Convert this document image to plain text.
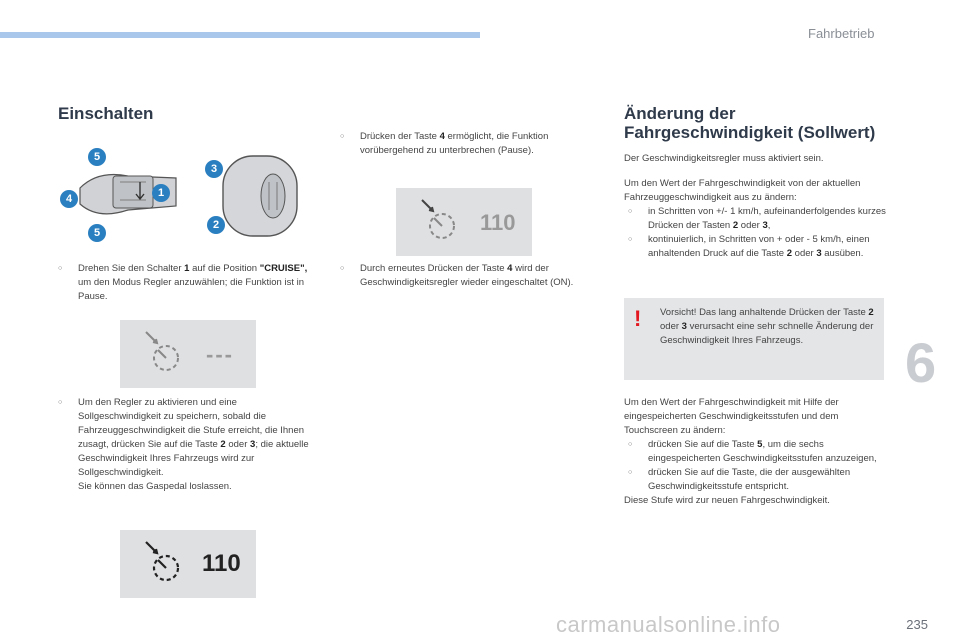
Fahrbetrieb
6
235
Einschalten
5
4
5
1
3
2
○ Drehen Sie den Schalter 1 auf die Position "CRUISE", um den Modus Regler anzuwählen; die Funktion ist in Pause.
---
○ Um den Regler zu aktivieren und eine Sollgeschwindigkeit zu speichern, sobald die Fahrzeuggeschwindigkeit die Stufe erreicht, die Ihnen zusagt, drücken Sie auf die Taste 2 oder 3; die aktuelle Geschwindigkeit Ihres Fahrzeugs wird zur Sollgeschwindigkeit.
Sie können das Gaspedal loslassen.
110
○ Drücken der Taste 4 ermöglicht, die Funktion vorübergehend zu unterbrechen (Pause).
110
○ Durch erneutes Drücken der Taste 4 wird der Geschwindigkeitsregler wieder eingeschaltet (ON).
Änderung der
Fahrgeschwindigkeit (Sollwert)
Der Geschwindigkeitsregler muss aktiviert sein.
Um den Wert der Fahrgeschwindigkeit von der aktuellen Fahrzeuggeschwindigkeit aus zu ändern:
○ in Schritten von +/- 1 km/h, aufeinanderfolgendes kurzes Drücken der Tasten 2 oder 3,
○ kontinuierlich, in Schritten von + oder - 5 km/h, einen anhaltenden Druck auf die Taste 2 oder 3 ausüben.
! Vorsicht! Das lang anhaltende Drücken der Taste 2 oder 3 verursacht eine sehr schnelle Änderung der Geschwindigkeit Ihres Fahrzeugs.
Um den Wert der Fahrgeschwindigkeit mit Hilfe der eingespeicherten Geschwindigkeitsstufen und dem Touchscreen zu ändern:
○ drücken Sie auf die Taste 5, um die sechs eingespeicherten Geschwindigkeitsstufen anzuzeigen,
○ drücken Sie auf die Taste, die der ausgewählten Geschwindigkeitsstufe entspricht.
Diese Stufe wird zur neuen Fahrgeschwindigkeit.
carmanualsonline.info
